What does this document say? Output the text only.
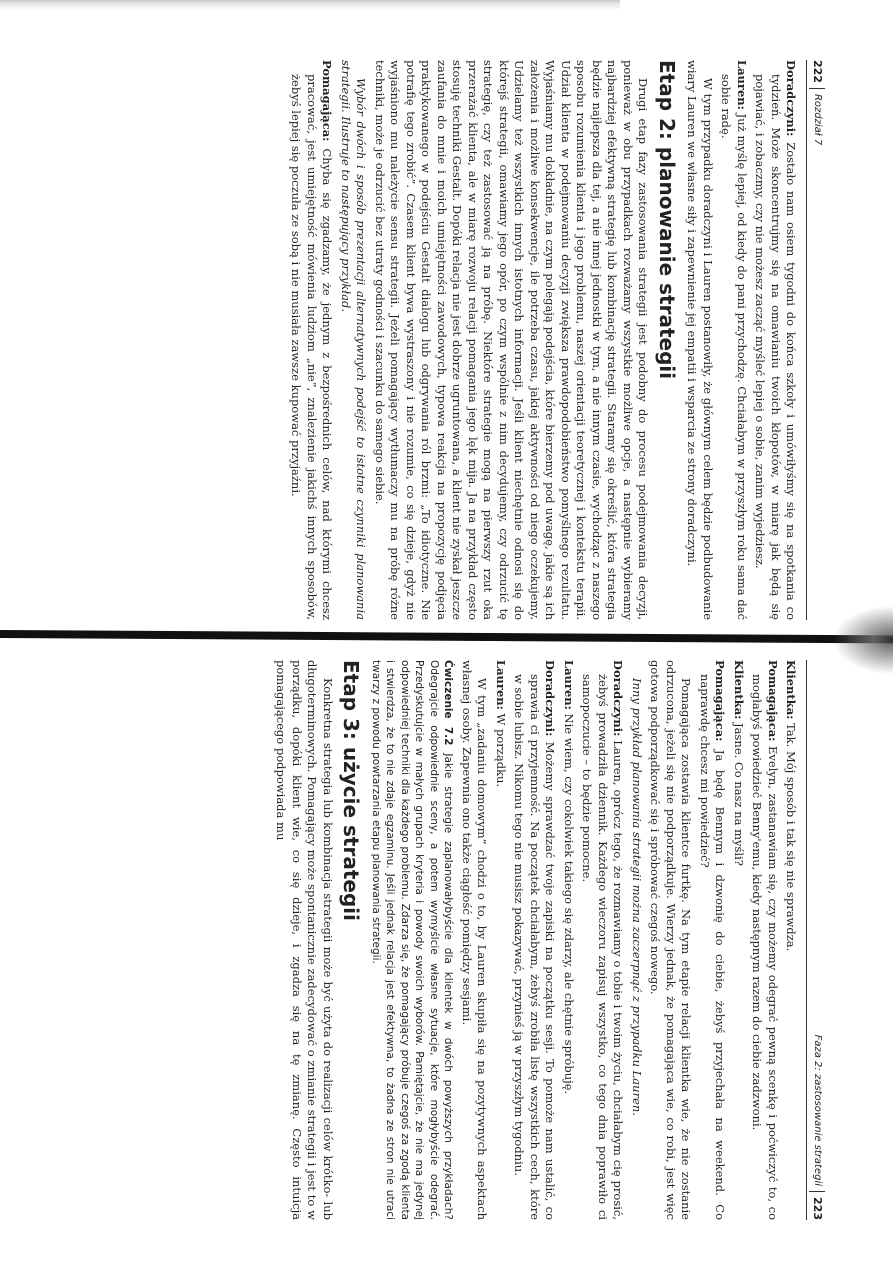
222
Rozdział 7

Doradczyni: Zostało nam osiem tygodni do końca szkoły i umówiłyśmy się na spotkania co tydzień. Może skoncentrujmy się na omawianiu twoich kłopotów, w miarę jak będą się pojawiać, i zobaczmy, czy nie możesz zacząć myśleć lepiej o sobie, zanim wyjedziesz.

Lauren: Już myślę lepiej, od kiedy do pani przychodzę. Chciałabym w przyszłym roku sama dać sobie radę.

W tym przypadku doradczyni i Lauren postanowiły, że głównym celem będzie podbudowanie wiary Lauren we własne siły i zapewnienie jej empatii i wsparcia ze strony doradczyni.

Etap 2: planowanie strategii

Drugi etap fazy zastosowania strategii jest podobny do procesu podejmowania decyzji, ponieważ w obu przypadkach rozważamy wszystkie możliwe opcje, a następnie wybieramy najbardziej efektywną strategię lub kombinację strategii. Staramy się określić, która strategia będzie najlepsza dla tej, a nie innej jednostki w tym, a nie innym czasie, wychodząc z naszego sposobu rozumienia klienta i jego problemu, naszej orientacji teoretycznej i kontekstu terapii. Udział klienta w podejmowaniu decyzji zwiększa prawdopodobieństwo pomyślnego rezultatu. Wyjaśniamy mu dokładnie, na czym polegają podejścia, które bierzemy pod uwagę, jakie są ich założenia i możliwe konsekwencje, ile potrzeba czasu, jakiej aktywności od niego oczekujemy. Udzielamy też wszystkich innych istotnych informacji. Jeśli klient niechętnie odnosi się do którejś strategii, omawiamy jego opór, po czym wspólnie z nim decydujemy, czy odrzucić tę strategię, czy też zastosować ją na próbę. Niektóre strategie mogą na pierwszy rzut oka przerażać klienta, ale w miarę rozwoju relacji pomagania jego lęk mija. Ja na przykład często stosuję techniki Gestalt. Dopóki relacja nie jest dobrze ugruntowana, a klient nie zyskał jeszcze zaufania do mnie i moich umiejętności zawodowych, typowa reakcja na propozycję podjęcia praktykowanego w podejściu Gestalt dialogu lub odgrywania ról brzmi: „To idiotyczne. Nie potrafię tego zrobić”. Czasem klient bywa wystraszony i nie rozumie, co się dzieje, gdyż nie wyjaśniono mu należycie sensu strategii. Jeżeli pomagający wytłumaczy mu na próbę różne techniki, może je odrzucić bez utraty godności i szacunku do samego siebie.

Wybór dwóch i sposób prezentacji alternatywnych podejść to istotne czynniki planowania strategii. Ilustruje to następujący przykład.

Pomagająca: Chyba się zgadzamy, że jednym z bezpośrednich celów, nad którymi chcesz pracować, jest umiejętność mówienia ludziom „nie”, znalezienie jakichś innych sposobów, żebyś lepiej się poczuła ze sobą i nie musiała zawsze kupować przyjaźni.

Faza 2: zastosowanie strategii
223

Klientka: Tak. Mój sposób i tak się nie sprawdza.

Pomagająca: Evelyn, zastanawiam się, czy możemy odegrać pewną scenkę i poćwiczyć to, co mogłabyś powiedzieć Benny'emu, kiedy następnym razem do ciebie zadzwoni.

Klientka: Jasne. Co nasz na myśli?

Pomagająca: Ja będę Bennym i dzwonię do ciebie, żebyś przyjechała na weekend. Co naprawdę chcesz mi powiedzieć?

Pomagająca zostawia klientce furtkę. Na tym etapie relacji klientka wie, że nie zostanie odrzucona, jeżeli się nie podporządkuje. Wierzy jednak, że pomagająca wie, co robi, jest więc gotowa podporządkować się i spróbować czegoś nowego.

Inny przykład planowania strategii można zaczerpnąć z przypadku Lauren.

Doradczyni: Lauren, oprócz tego, że rozmawiamy o tobie i twoim życiu, chciałabym cię prosić, żebyś prowadziła dziennik. Każdego wieczoru zapisuj wszystko, co tego dnia poprawiło ci samopoczucie – to będzie pomocne.

Lauren: Nie wiem, czy cokolwiek takiego się zdarzy, ale chętnie spróbuję.

Doradczyni: Możemy sprawdzać twoje zapiski na początku sesji. To pomoże nam ustalić, co sprawia ci przyjemność. Na początek chciałabym, żebyś zrobiła listę wszystkich cech, które w sobie lubisz. Nikomu tego nie musisz pokazywać, przynieś ją w przyszłym tygodniu.

Lauren: W porządku.

W tym „zadaniu domowym” chodzi o to, by Lauren skupiła się na pozytywnych aspektach własnej osoby. Zapewnia ono także ciągłość pomiędzy sesjami.

Ćwiczenie 7.2 Jakie strategie zaplanowałybyście dla klientek w dwóch powyższych przykładach? Odegrajcie odpowiednie sceny, a potem wymyślcie własne sytuacje, które mogłybyście odegrać. Przedyskutujcie w małych grupach kryteria i powody swoich wyborów. Pamiętajcie, że nie ma jedynej odpowiedniej techniki dla każdego problemu. Zdarza się, że pomagający próbuje czegoś za zgodą klienta i stwierdza, że to nie zdaje egzaminu. Jeśli jednak relacja jest efektywna, to żadna ze stron nie utraci twarzy z powodu powtarzania etapu planowania strategii.

Etap 3: użycie strategii

Konkretna strategia lub kombinacja strategii może być użyta do realizacji celów krótko- lub długoterminowych. Pomagający może spontanicznie zadecydować o zmianie strategii i jest to w porządku, dopóki klient wie, co się dzieje, i zgadza się na tę zmianę. Często intuicja pomagającego podpowiada mu
